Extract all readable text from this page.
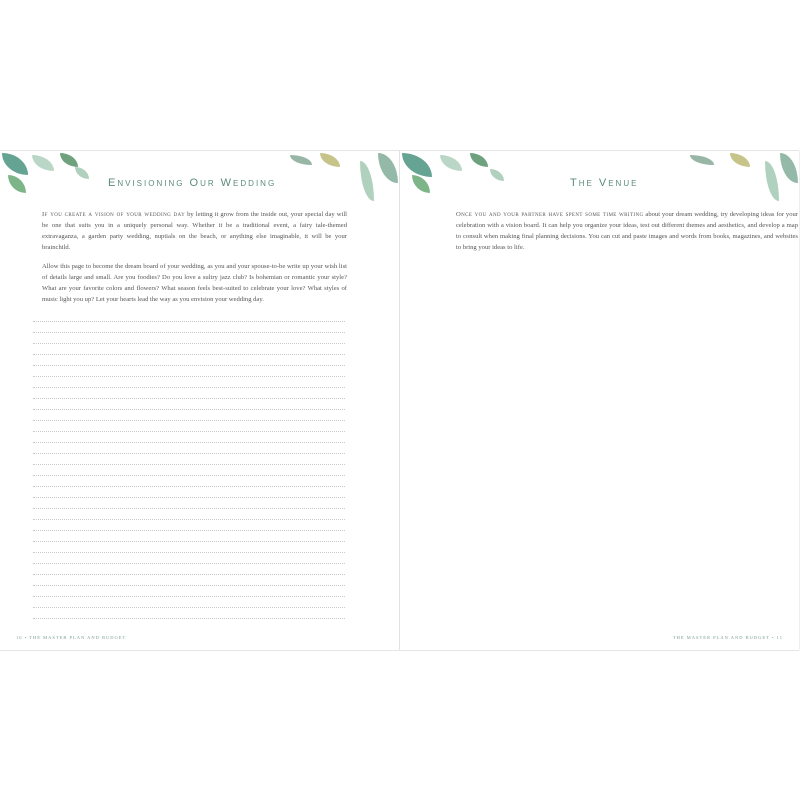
Envisioning Our Wedding

If you create a vision of your wedding day by letting it grow from the inside out, your special day will be one that suits you in a uniquely personal way. Whether it be a traditional event, a fairy tale-themed extravaganza, a garden party wedding, nuptials on the beach, or anything else imaginable, it will be your brainchild.

Allow this page to become the dream board of your wedding, as you and your spouse-to-be write up your wish list of details large and small. Are you foodies? Do you love a sultry jazz club? Is bohemian or romantic your style? What are your favorite colors and flowers? What season feels best-suited to celebrate your love? What styles of music light you up? Let your hearts lead the way as you envision your wedding day.

10 • THE MASTER PLAN AND BUDGET
The Venue

Once you and your partner have spent some time writing about your dream wedding, try developing ideas for your celebration with a vision board. It can help you organize your ideas, test out different themes and aesthetics, and develop a map to consult when making final planning decisions. You can cut and paste images and words from books, magazines, and websites to bring your ideas to life.

THE MASTER PLAN AND BUDGET • 11
